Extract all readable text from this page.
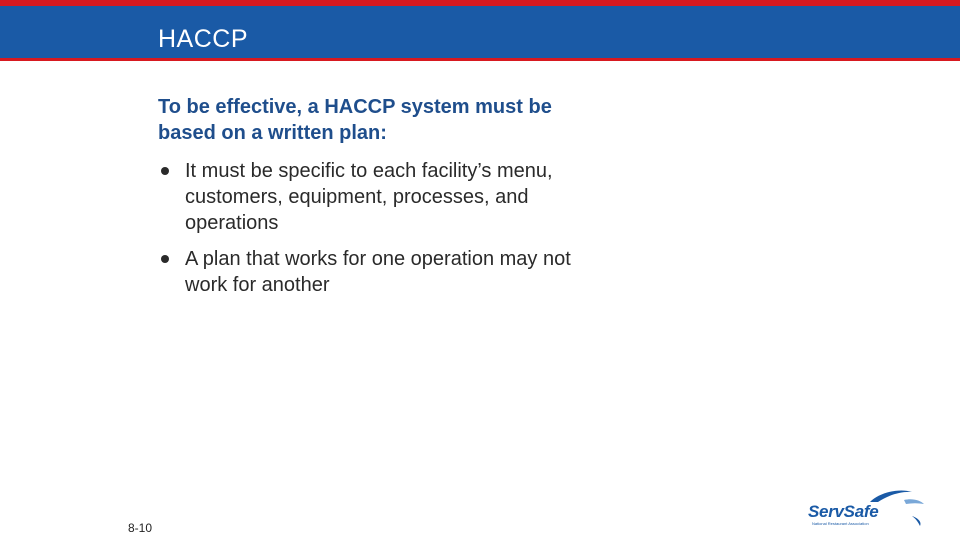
HACCP
To be effective, a HACCP system must be based on a written plan:
It must be specific to each facility’s menu, customers, equipment, processes, and operations
A plan that works for one operation may not work for another
8-10
ServSafe
National Restaurant Association
